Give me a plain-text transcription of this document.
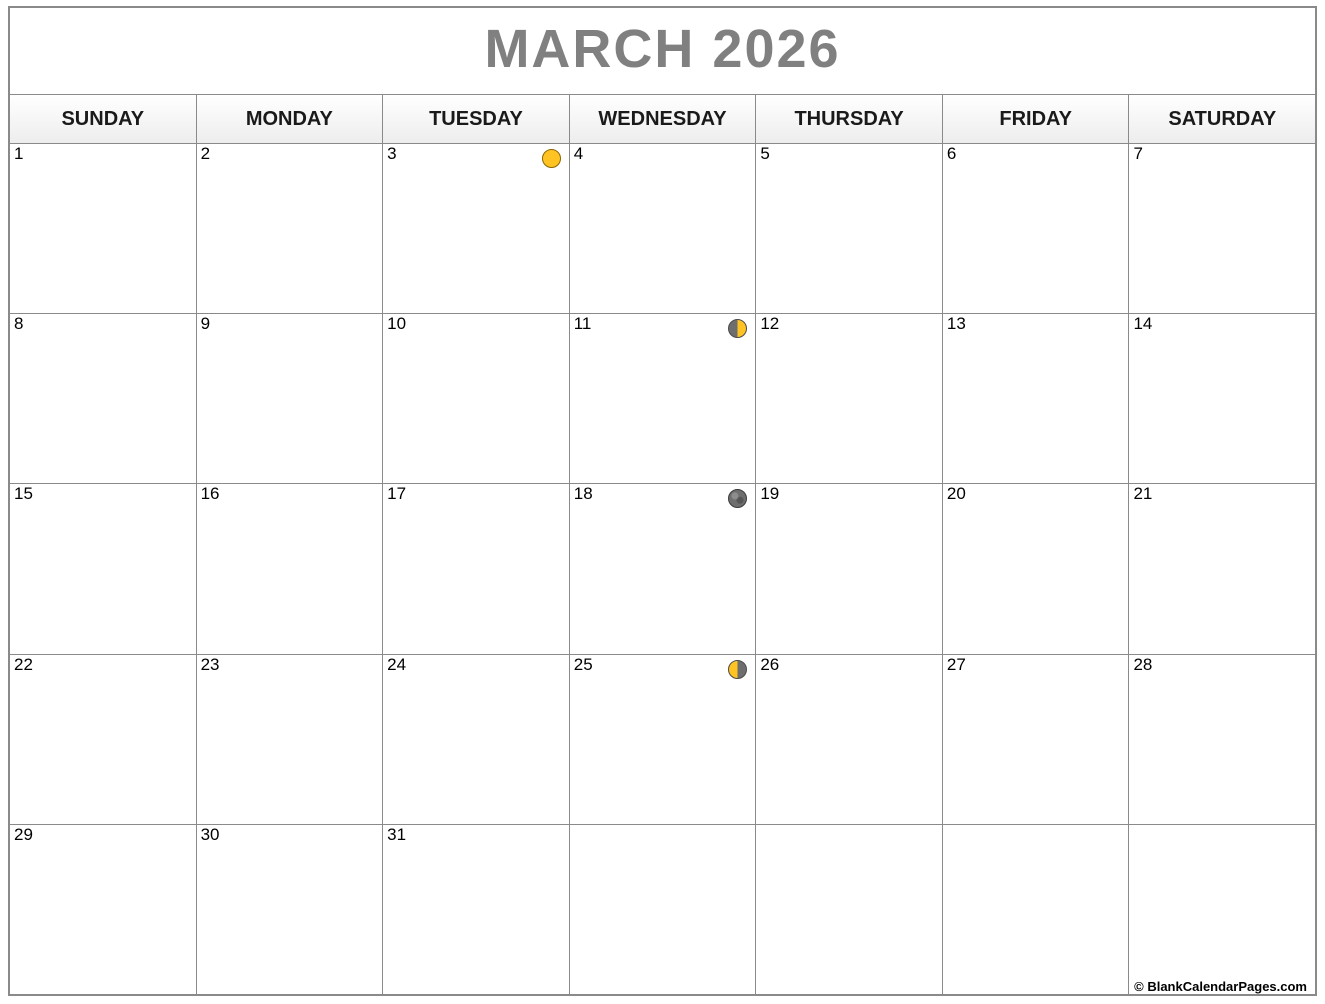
MARCH 2026
SUNDAY	MONDAY	TUESDAY	WEDNESDAY	THURSDAY	FRIDAY	SATURDAY
1	2	3	4	5	6	7
8	9	10	11	12	13	14
15	16	17	18	19	20	21
22	23	24	25	26	27	28
29	30	31
© BlankCalendarPages.com
